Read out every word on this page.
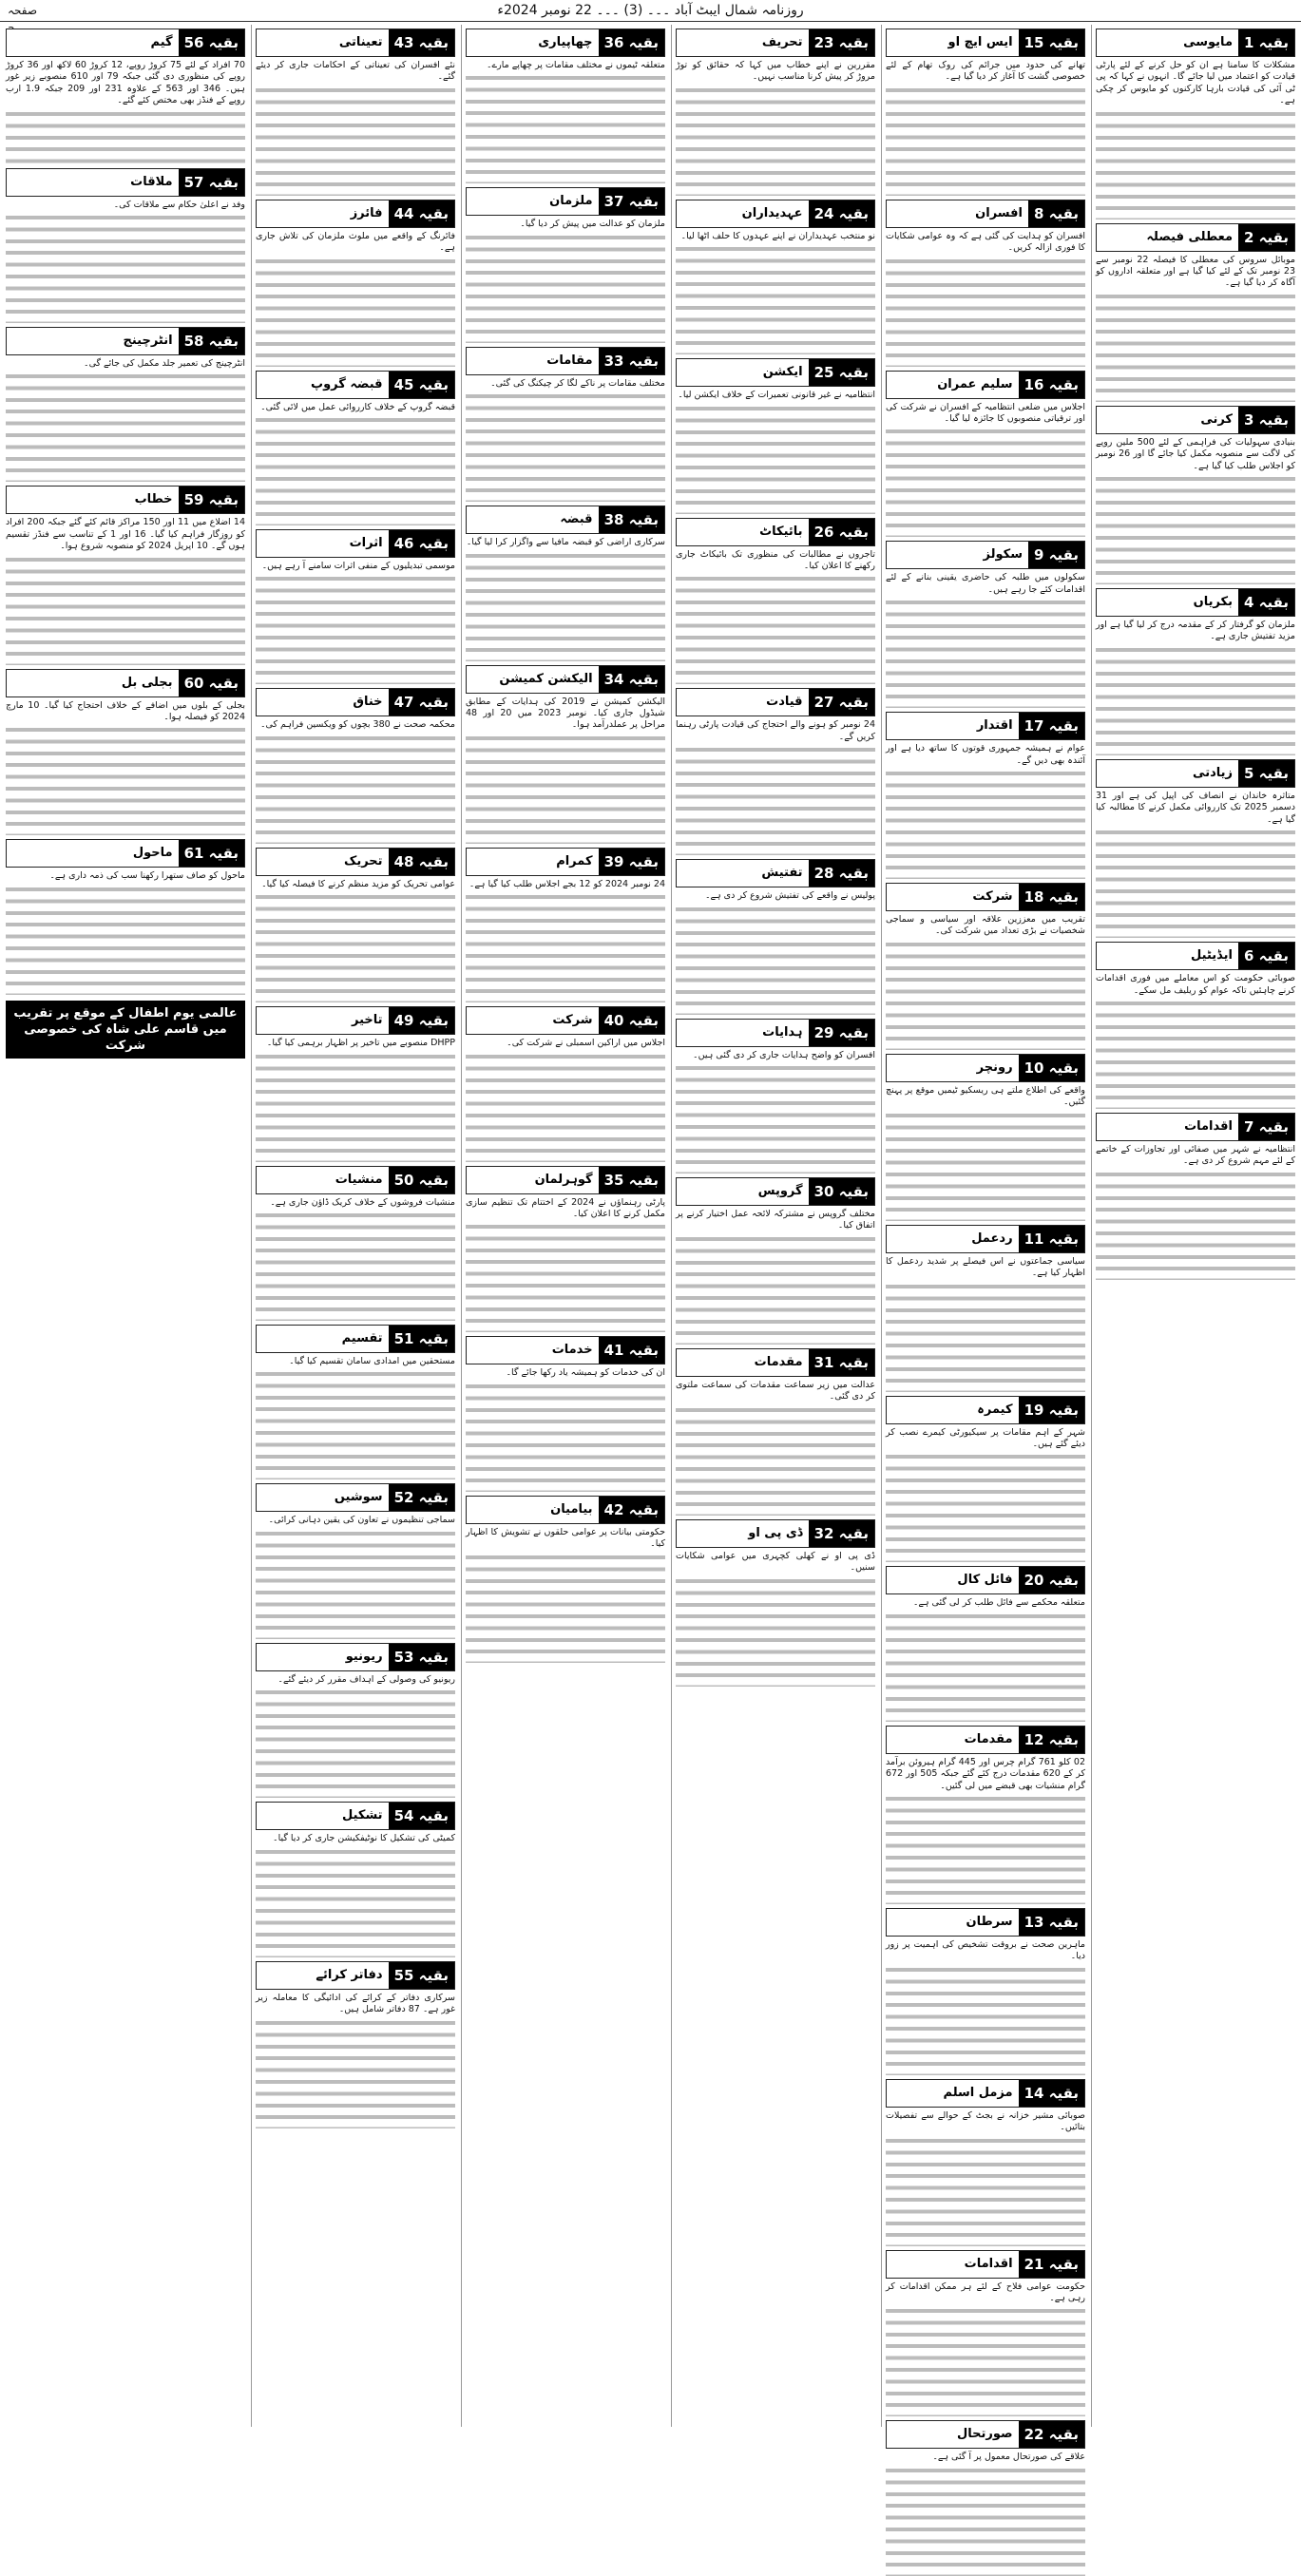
روزنامہ شمال ایبٹ آباد ۔۔۔ (3) ۔۔۔ 22 نومبر 2024ء
صفحہ
بقیہ 1
مایوسی

مشکلات کا سامنا ہے ان کو حل کرنے کے لئے پارٹی قیادت کو اعتماد میں لیا جائے گا۔ انہوں نے کہا کہ پی ٹی آئی کی قیادت بارہا کارکنوں کو مایوس کر چکی ہے۔

بقیہ 2
معطلی فیصلہ

موبائل سروس کی معطلی کا فیصلہ 22 نومبر سے 23 نومبر تک کے لئے کیا گیا ہے اور متعلقہ اداروں کو آگاہ کر دیا گیا ہے۔

بقیہ 3
کرنی

بنیادی سہولیات کی فراہمی کے لئے 500 ملین روپے کی لاگت سے منصوبہ مکمل کیا جائے گا اور 26 نومبر کو اجلاس طلب کیا گیا ہے۔

بقیہ 4
بکریاں

ملزمان کو گرفتار کر کے مقدمہ درج کر لیا گیا ہے اور مزید تفتیش جاری ہے۔

بقیہ 5
زیادتی

متاثرہ خاندان نے انصاف کی اپیل کی ہے اور 31 دسمبر 2025 تک کارروائی مکمل کرنے کا مطالبہ کیا گیا ہے۔

بقیہ 6
ایڈیٹیل

صوبائی حکومت کو اس معاملے میں فوری اقدامات کرنے چاہئیں تاکہ عوام کو ریلیف مل سکے۔

بقیہ 7
اقدامات

انتظامیہ نے شہر میں صفائی اور تجاوزات کے خاتمے کے لئے مہم شروع کر دی ہے۔

بقیہ 15
ایس ایچ او

تھانے کی حدود میں جرائم کی روک تھام کے لئے خصوصی گشت کا آغاز کر دیا گیا ہے۔

بقیہ 8
افسران

افسران کو ہدایت کی گئی ہے کہ وہ عوامی شکایات کا فوری ازالہ کریں۔

بقیہ 16
سلیم عمران

اجلاس میں ضلعی انتظامیہ کے افسران نے شرکت کی اور ترقیاتی منصوبوں کا جائزہ لیا گیا۔

بقیہ 9
سکولز

سکولوں میں طلبہ کی حاضری یقینی بنانے کے لئے اقدامات کئے جا رہے ہیں۔

بقیہ 17
اقتدار

عوام نے ہمیشہ جمہوری قوتوں کا ساتھ دیا ہے اور آئندہ بھی دیں گے۔

بقیہ 18
شرکت

تقریب میں معززین علاقہ اور سیاسی و سماجی شخصیات نے بڑی تعداد میں شرکت کی۔

بقیہ 10
رونچر

واقعے کی اطلاع ملتے ہی ریسکیو ٹیمیں موقع پر پہنچ گئیں۔

بقیہ 11
ردعمل

سیاسی جماعتوں نے اس فیصلے پر شدید ردعمل کا اظہار کیا ہے۔

بقیہ 19
کیمرہ

شہر کے اہم مقامات پر سیکیورٹی کیمرے نصب کر دیئے گئے ہیں۔

بقیہ 20
فائل کال

متعلقہ محکمے سے فائل طلب کر لی گئی ہے۔

بقیہ 12
مقدمات

02 کلو 761 گرام چرس اور 445 گرام ہیروئن برآمد کر کے 620 مقدمات درج کئے گئے جبکہ 505 اور 672 گرام منشیات بھی قبضے میں لی گئیں۔

بقیہ 13
سرطان

ماہرین صحت نے بروقت تشخیص کی اہمیت پر زور دیا۔

بقیہ 14
مزمل اسلم

صوبائی مشیر خزانہ نے بجٹ کے حوالے سے تفصیلات بتائیں۔

بقیہ 21
اقدامات

حکومت عوامی فلاح کے لئے ہر ممکن اقدامات کر رہی ہے۔

بقیہ 22
صورتحال

علاقے کی صورتحال معمول پر آ گئی ہے۔

بقیہ 23
تحریف

مقررین نے اپنے خطاب میں کہا کہ حقائق کو توڑ مروڑ کر پیش کرنا مناسب نہیں۔

بقیہ 24
عہدیداران

نو منتخب عہدیداران نے اپنے عہدوں کا حلف اٹھا لیا۔

بقیہ 25
ایکشن

انتظامیہ نے غیر قانونی تعمیرات کے خلاف ایکشن لیا۔

بقیہ 26
بائیکاٹ

تاجروں نے مطالبات کی منظوری تک بائیکاٹ جاری رکھنے کا اعلان کیا۔

بقیہ 27
قیادت

24 نومبر کو ہونے والے احتجاج کی قیادت پارٹی رہنما کریں گے۔

بقیہ 28
تفتیش

پولیس نے واقعے کی تفتیش شروع کر دی ہے۔

بقیہ 29
ہدایات

افسران کو واضح ہدایات جاری کر دی گئی ہیں۔

بقیہ 30
گروپس

مختلف گروپس نے مشترکہ لائحہ عمل اختیار کرنے پر اتفاق کیا۔

بقیہ 31
مقدمات

عدالت میں زیر سماعت مقدمات کی سماعت ملتوی کر دی گئی۔

بقیہ 32
ڈی پی او

ڈی پی او نے کھلی کچہری میں عوامی شکایات سنیں۔

بقیہ 36
چھاپیاری

متعلقہ ٹیموں نے مختلف مقامات پر چھاپے مارے۔

بقیہ 37
ملزمان

ملزمان کو عدالت میں پیش کر دیا گیا۔

بقیہ 33
مقامات

مختلف مقامات پر ناکے لگا کر چیکنگ کی گئی۔

بقیہ 38
قبضہ

سرکاری اراضی کو قبضہ مافیا سے واگزار کرا لیا گیا۔

بقیہ 34
الیکشن کمیشن

الیکشن کمیشن نے 2019 کی ہدایات کے مطابق شیڈول جاری کیا۔ نومبر 2023 میں 20 اور 48 مراحل پر عملدرآمد ہوا۔

بقیہ 39
کمرام

24 نومبر 2024 کو 12 بجے اجلاس طلب کیا گیا ہے۔

بقیہ 40
شرکت

اجلاس میں اراکین اسمبلی نے شرکت کی۔

بقیہ 35
گوہرلمان

پارٹی رہنماؤں نے 2024 کے اختتام تک تنظیم سازی مکمل کرنے کا اعلان کیا۔

بقیہ 41
خدمات

ان کی خدمات کو ہمیشہ یاد رکھا جائے گا۔

بقیہ 42
بیامیان

حکومتی بیانات پر عوامی حلقوں نے تشویش کا اظہار کیا۔

بقیہ 43
تعیناتی

نئے افسران کی تعیناتی کے احکامات جاری کر دیئے گئے۔

بقیہ 44
فائرز

فائرنگ کے واقعے میں ملوث ملزمان کی تلاش جاری ہے۔

بقیہ 45
قبضہ گروپ

قبضہ گروپ کے خلاف کارروائی عمل میں لائی گئی۔

بقیہ 46
اثرات

موسمی تبدیلیوں کے منفی اثرات سامنے آ رہے ہیں۔

بقیہ 47
خناق

محکمہ صحت نے 380 بچوں کو ویکسین فراہم کی۔

بقیہ 48
تحریک

عوامی تحریک کو مزید منظم کرنے کا فیصلہ کیا گیا۔

بقیہ 49
تاخیر

DHPP منصوبے میں تاخیر پر اظہار برہمی کیا گیا۔

بقیہ 50
منشیات

منشیات فروشوں کے خلاف کریک ڈاؤن جاری ہے۔

بقیہ 51
تقسیم

مستحقین میں امدادی سامان تقسیم کیا گیا۔

بقیہ 52
سوشیں

سماجی تنظیموں نے تعاون کی یقین دہانی کرائی۔

بقیہ 53
ریونیو

ریونیو کی وصولی کے اہداف مقرر کر دیئے گئے۔

بقیہ 54
تشکیل

کمیٹی کی تشکیل کا نوٹیفکیشن جاری کر دیا گیا۔

بقیہ 55
دفاتر کرائے

سرکاری دفاتر کے کرائے کی ادائیگی کا معاملہ زیر غور ہے۔ 87 دفاتر شامل ہیں۔

بقیہ 56
گیم

70 افراد کے لئے 75 کروڑ روپے، 12 کروڑ 60 لاکھ اور 36 کروڑ روپے کی منظوری دی گئی جبکہ 79 اور 610 منصوبے زیر غور ہیں۔ 346 اور 563 کے علاوہ 231 اور 209 جبکہ 1.9 ارب روپے کے فنڈز بھی مختص کئے گئے۔

بقیہ 57
ملاقات

وفد نے اعلیٰ حکام سے ملاقات کی۔

بقیہ 58
انٹرچینج

انٹرچینج کی تعمیر جلد مکمل کی جائے گی۔

بقیہ 59
خطاب

14 اضلاع میں 11 اور 150 مراکز قائم کئے گئے جبکہ 200 افراد کو روزگار فراہم کیا گیا۔ 16 اور 1 کے تناسب سے فنڈز تقسیم ہوں گے۔ 10 اپریل 2024 کو منصوبہ شروع ہوا۔

بقیہ 60
بجلی بل

بجلی کے بلوں میں اضافے کے خلاف احتجاج کیا گیا۔ 10 مارچ 2024 کو فیصلہ ہوا۔

بقیہ 61
ماحول

ماحول کو صاف ستھرا رکھنا سب کی ذمہ داری ہے۔

عالمی یوم اطفال کے موقع پر تقریب میں قاسم علی شاہ کی خصوصی شرکت
